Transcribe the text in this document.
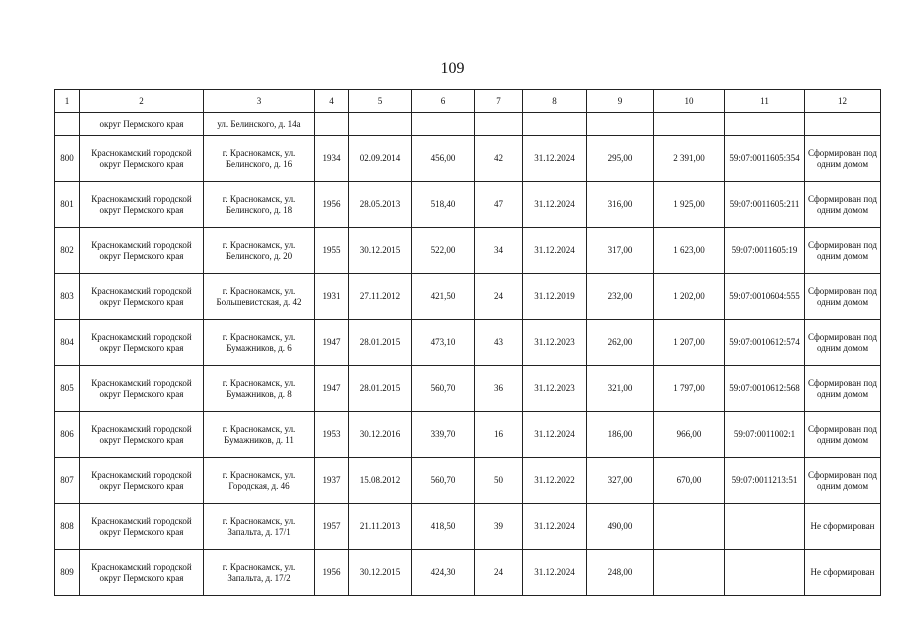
109
1	2	3	4	5	6	7	8	9	10	11	12
	округ Пермского края	ул. Белинского, д. 14а									
800	Краснокамский городской округ Пермского края	г. Краснокамск, ул. Белинского, д. 16	1934	02.09.2014	456,00	42	31.12.2024	295,00	2 391,00	59:07:0011605:354	Сформирован под одним домом
801	Краснокамский городской округ Пермского края	г. Краснокамск, ул. Белинского, д. 18	1956	28.05.2013	518,40	47	31.12.2024	316,00	1 925,00	59:07:0011605:211	Сформирован под одним домом
802	Краснокамский городской округ Пермского края	г. Краснокамск, ул. Белинского, д. 20	1955	30.12.2015	522,00	34	31.12.2024	317,00	1 623,00	59:07:0011605:19	Сформирован под одним домом
803	Краснокамский городской округ Пермского края	г. Краснокамск, ул. Большевистская, д. 42	1931	27.11.2012	421,50	24	31.12.2019	232,00	1 202,00	59:07:0010604:555	Сформирован под одним домом
804	Краснокамский городской округ Пермского края	г. Краснокамск, ул. Бумажников, д. 6	1947	28.01.2015	473,10	43	31.12.2023	262,00	1 207,00	59:07:0010612:574	Сформирован под одним домом
805	Краснокамский городской округ Пермского края	г. Краснокамск, ул. Бумажников, д. 8	1947	28.01.2015	560,70	36	31.12.2023	321,00	1 797,00	59:07:0010612:568	Сформирован под одним домом
806	Краснокамский городской округ Пермского края	г. Краснокамск, ул. Бумажников, д. 11	1953	30.12.2016	339,70	16	31.12.2024	186,00	966,00	59:07:0011002:1	Сформирован под одним домом
807	Краснокамский городской округ Пермского края	г. Краснокамск, ул. Городская, д. 46	1937	15.08.2012	560,70	50	31.12.2022	327,00	670,00	59:07:0011213:51	Сформирован под одним домом
808	Краснокамский городской округ Пермского края	г. Краснокамск, ул. Запальта, д. 17/1	1957	21.11.2013	418,50	39	31.12.2024	490,00			Не сформирован
809	Краснокамский городской округ Пермского края	г. Краснокамск, ул. Запальта, д. 17/2	1956	30.12.2015	424,30	24	31.12.2024	248,00			Не сформирован
